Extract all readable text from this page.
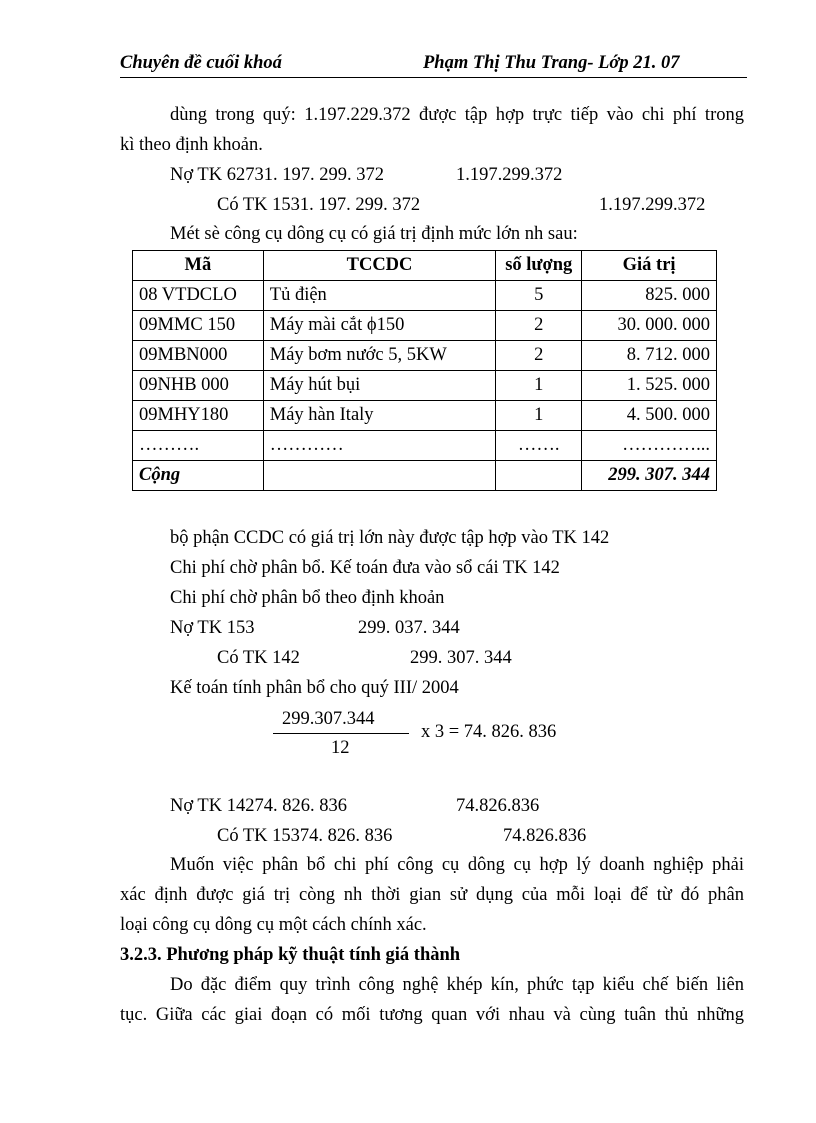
Chuyên đề cuối khoá	Phạm Thị Thu Trang- Lớp 21. 07
dùng trong quý: 1.197.229.372 được tập hợp trực tiếp vào chi phí trong
kì theo định khoản.
Nợ TK 62731. 197. 299. 372	1.197.299.372
Có TK 1531. 197. 299. 372	1.197.299.372
Mét sè công cụ dông cụ có giá trị định mức lớn nh sau:
Mã	TCCDC	số lượng	Giá trị
08 VTDCLO	Tủ điện	5	825. 000
09MMC 150	Máy mài cắt ϕ150	2	30. 000. 000
09MBN000	Máy bơm nước 5, 5KW	2	8. 712. 000
09NHB 000	Máy hút bụi	1	1. 525. 000
09MHY180	Máy hàn Italy	1	4. 500. 000
……….	…………	…….	…………...
Cộng			299. 307. 344
bộ phận CCDC có giá trị lớn này được tập hợp vào TK 142
Chi phí chờ phân bổ. Kế toán đưa vào sổ cái TK 142
Chi phí chờ phân bổ theo định khoản
Nợ TK 153	299. 037. 344
Có TK 142	299. 307. 344
Kế toán tính phân bổ cho quý III/ 2004
299.307.344
12
x 3 = 74. 826. 836
Nợ TK 14274. 826. 836	74.826.836
Có TK 15374. 826. 836	74.826.836
Muốn việc phân bổ chi phí công cụ dông cụ hợp lý doanh nghiệp phải
xác định được giá trị còng nh thời gian sử dụng của mỗi loại để từ đó phân
loại công cụ dông cụ một cách chính xác.
3.2.3. Phương pháp kỹ thuật tính giá thành
Do đặc điểm quy trình công nghệ khép kín, phức tạp kiểu chế biến liên
tục. Giữa các giai đoạn có mối tương quan với nhau và cùng tuân thủ những
